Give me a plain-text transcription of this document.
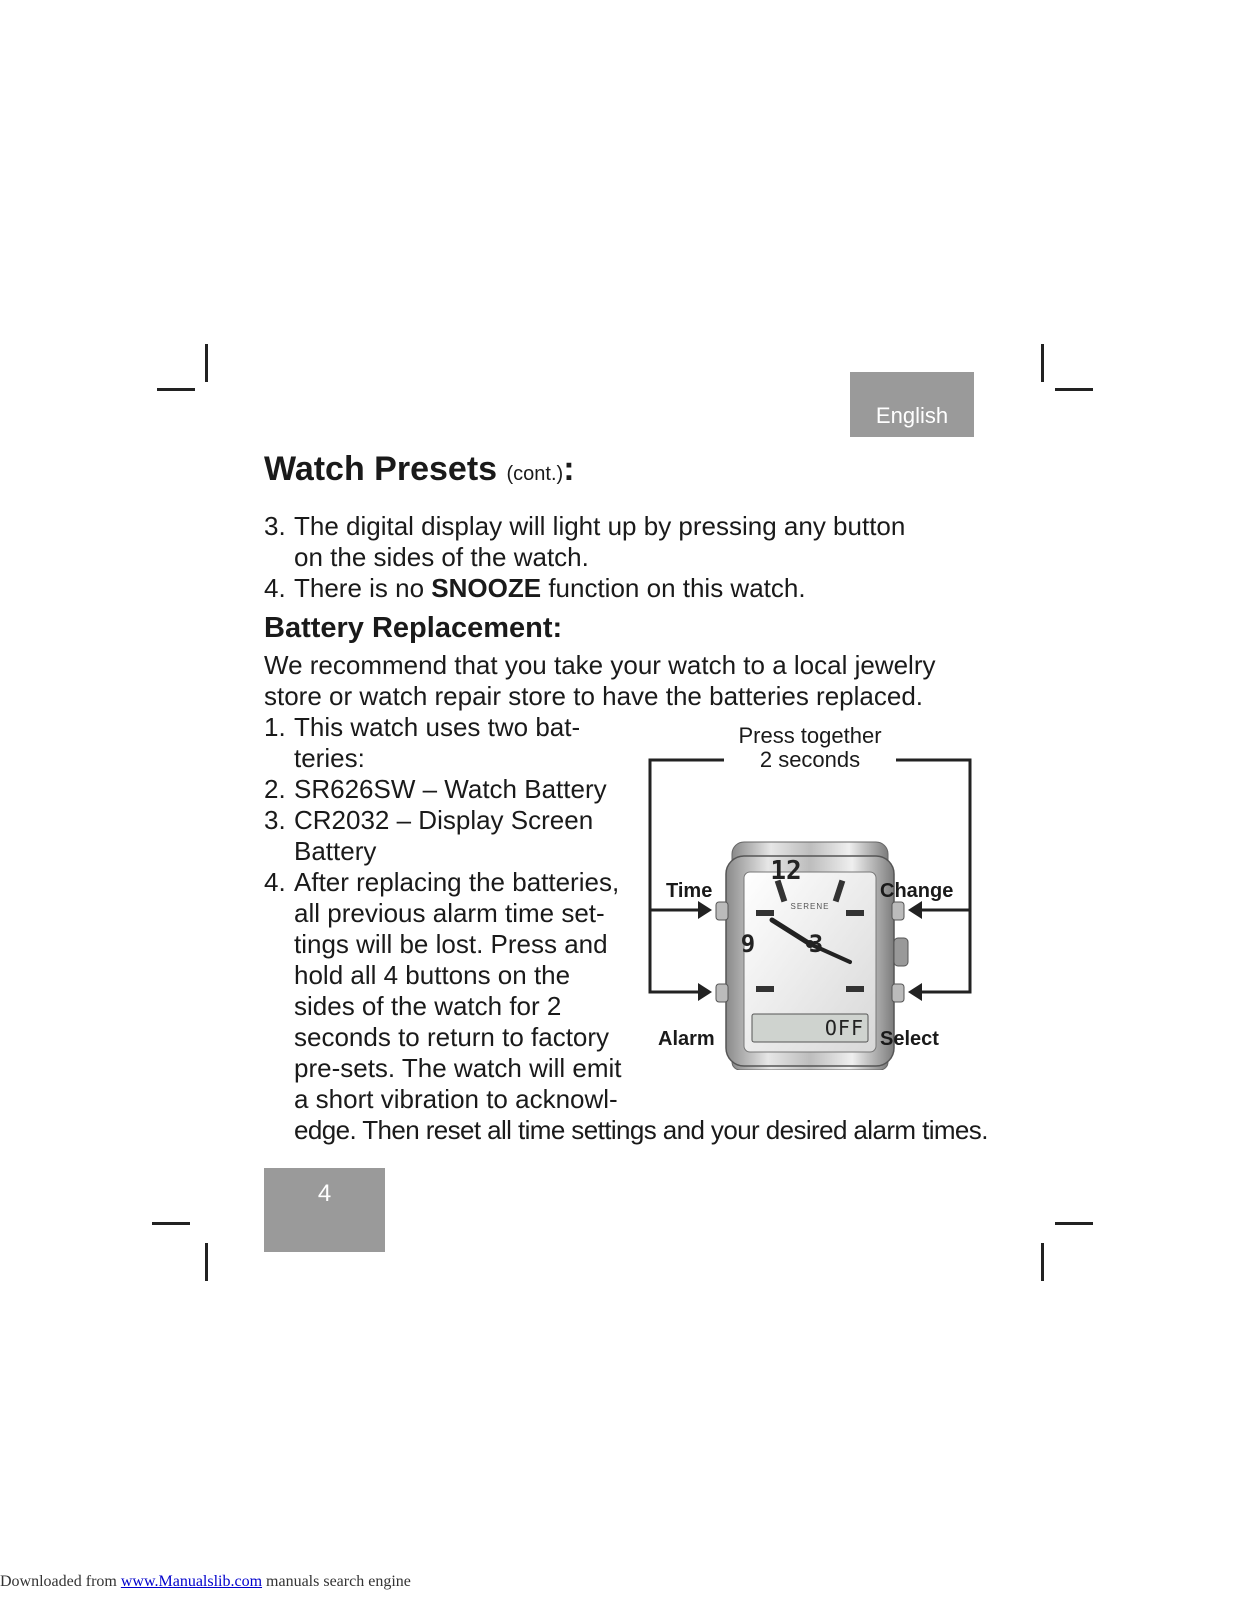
English
Watch Presets (cont.):
3. The digital display will light up by pressing any button
on the sides of the watch.
4. There is no SNOOZE function on this watch.
Battery Replacement:
We recommend that you take your watch to a local jewelry
store or watch repair store to have the batteries replaced.
1. This watch uses two bat-
teries:
2. SR626SW – Watch Battery
3. CR2032 – Display Screen
Battery
4. After replacing the batteries,
all previous alarm time set-
tings will be lost. Press and
hold all 4 buttons on the
sides of the watch for 2
seconds to return to factory
pre-sets. The watch will emit
a short vibration to acknowl-
edge. Then reset all time settings and your desired alarm times.
12
9 3
SERENE
OFF
Press together
2 seconds
Time	Change
Alarm	Select
4
Downloaded from www.Manualslib.com manuals search engine
